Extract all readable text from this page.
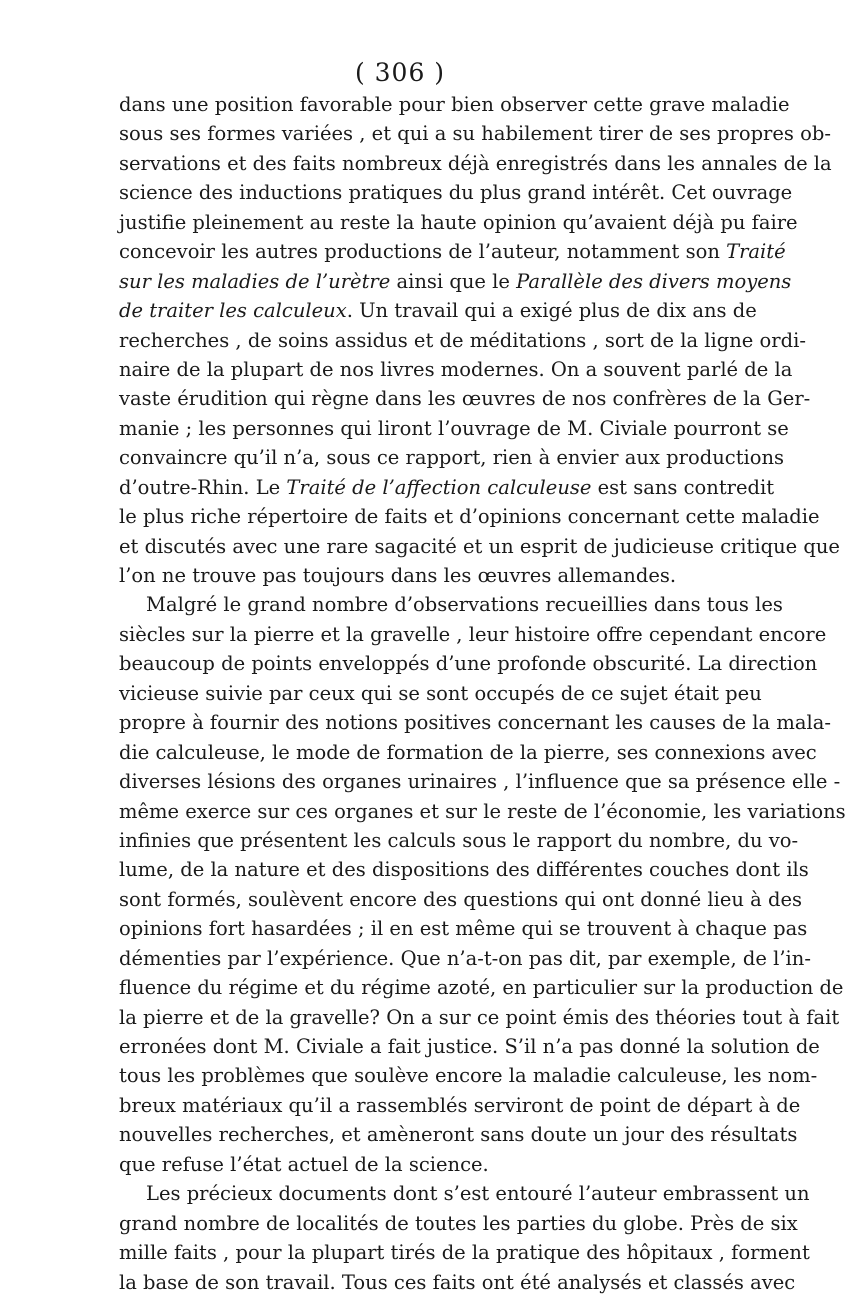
( 306 )
dans une position favorable pour bien observer cette grave maladie
sous ses formes variées , et qui a su habilement tirer de ses propres ob-
servations et des faits nombreux déjà enregistrés dans les annales de la
science des inductions pratiques du plus grand intérêt. Cet ouvrage
justifie pleinement au reste la haute opinion qu’avaient déjà pu faire
concevoir les autres productions de l’auteur, notamment son Traité
sur les maladies de l’urètre ainsi que le Parallèle des divers moyens
de traiter les calculeux. Un travail qui a exigé plus de dix ans de
recherches , de soins assidus et de méditations , sort de la ligne ordi-
naire de la plupart de nos livres modernes. On a souvent parlé de la
vaste érudition qui règne dans les œuvres de nos confrères de la Ger-
manie ; les personnes qui liront l’ouvrage de M. Civiale pourront se
convaincre qu’il n’a, sous ce rapport, rien à envier aux productions
d’outre-Rhin. Le Traité de l’affection calculeuse est sans contredit
le plus riche répertoire de faits et d’opinions concernant cette maladie
et discutés avec une rare sagacité et un esprit de judicieuse critique que
l’on ne trouve pas toujours dans les œuvres allemandes.
Malgré le grand nombre d’observations recueillies dans tous les
siècles sur la pierre et la gravelle , leur histoire offre cependant encore
beaucoup de points enveloppés d’une profonde obscurité. La direction
vicieuse suivie par ceux qui se sont occupés de ce sujet était peu
propre à fournir des notions positives concernant les causes de la mala-
die calculeuse, le mode de formation de la pierre, ses connexions avec
diverses lésions des organes urinaires , l’influence que sa présence elle -
même exerce sur ces organes et sur le reste de l’économie, les variations
infinies que présentent les calculs sous le rapport du nombre, du vo-
lume, de la nature et des dispositions des différentes couches dont ils
sont formés, soulèvent encore des questions qui ont donné lieu à des
opinions fort hasardées ; il en est même qui se trouvent à chaque pas
démenties par l’expérience. Que n’a-t-on pas dit, par exemple, de l’in-
fluence du régime et du régime azoté, en particulier sur la production de
la pierre et de la gravelle? On a sur ce point émis des théories tout à fait
erronées dont M. Civiale a fait justice. S’il n’a pas donné la solution de
tous les problèmes que soulève encore la maladie calculeuse, les nom-
breux matériaux qu’il a rassemblés serviront de point de départ à de
nouvelles recherches, et amèneront sans doute un jour des résultats
que refuse l’état actuel de la science.
Les précieux documents dont s’est entouré l’auteur embrassent un
grand nombre de localités de toutes les parties du globe. Près de six
mille faits , pour la plupart tirés de la pratique des hôpitaux , forment
la base de son travail. Tous ces faits ont été analysés et classés avec
